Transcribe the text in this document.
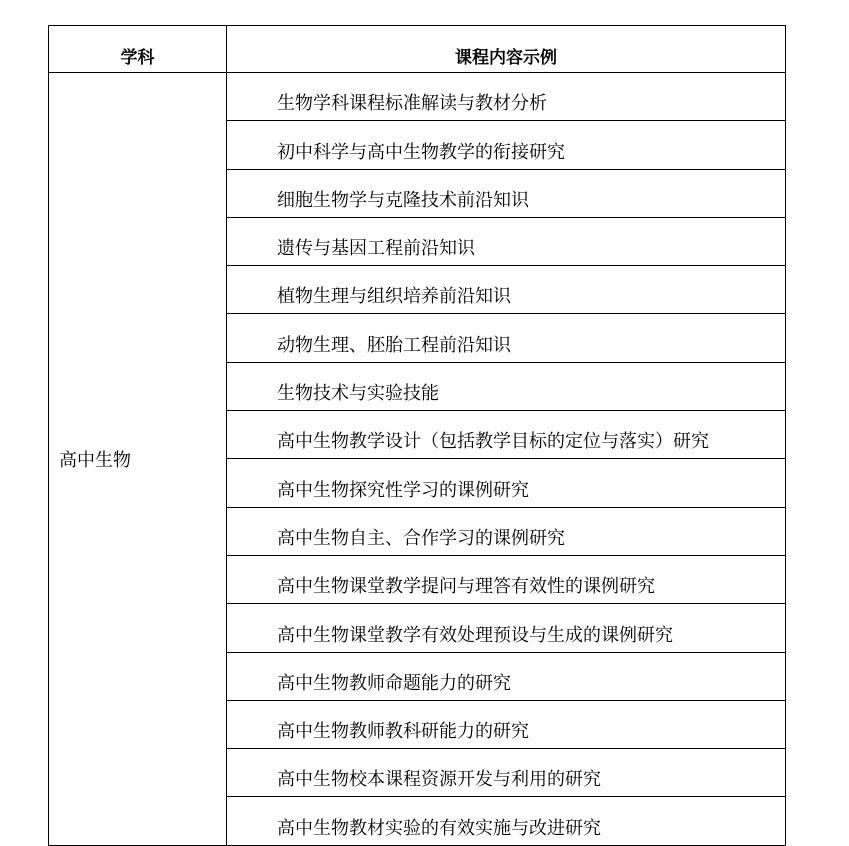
学科	课程内容示例
高中生物	生物学科课程标准解读与教材分析
	初中科学与高中生物教学的衔接研究
	细胞生物学与克隆技术前沿知识
	遗传与基因工程前沿知识
	植物生理与组织培养前沿知识
	动物生理、胚胎工程前沿知识
	生物技术与实验技能
	高中生物教学设计（包括教学目标的定位与落实）研究
	高中生物探究性学习的课例研究
	高中生物自主、合作学习的课例研究
	高中生物课堂教学提问与理答有效性的课例研究
	高中生物课堂教学有效处理预设与生成的课例研究
	高中生物教师命题能力的研究
	高中生物教师教科研能力的研究
	高中生物校本课程资源开发与利用的研究
	高中生物教材实验的有效实施与改进研究
